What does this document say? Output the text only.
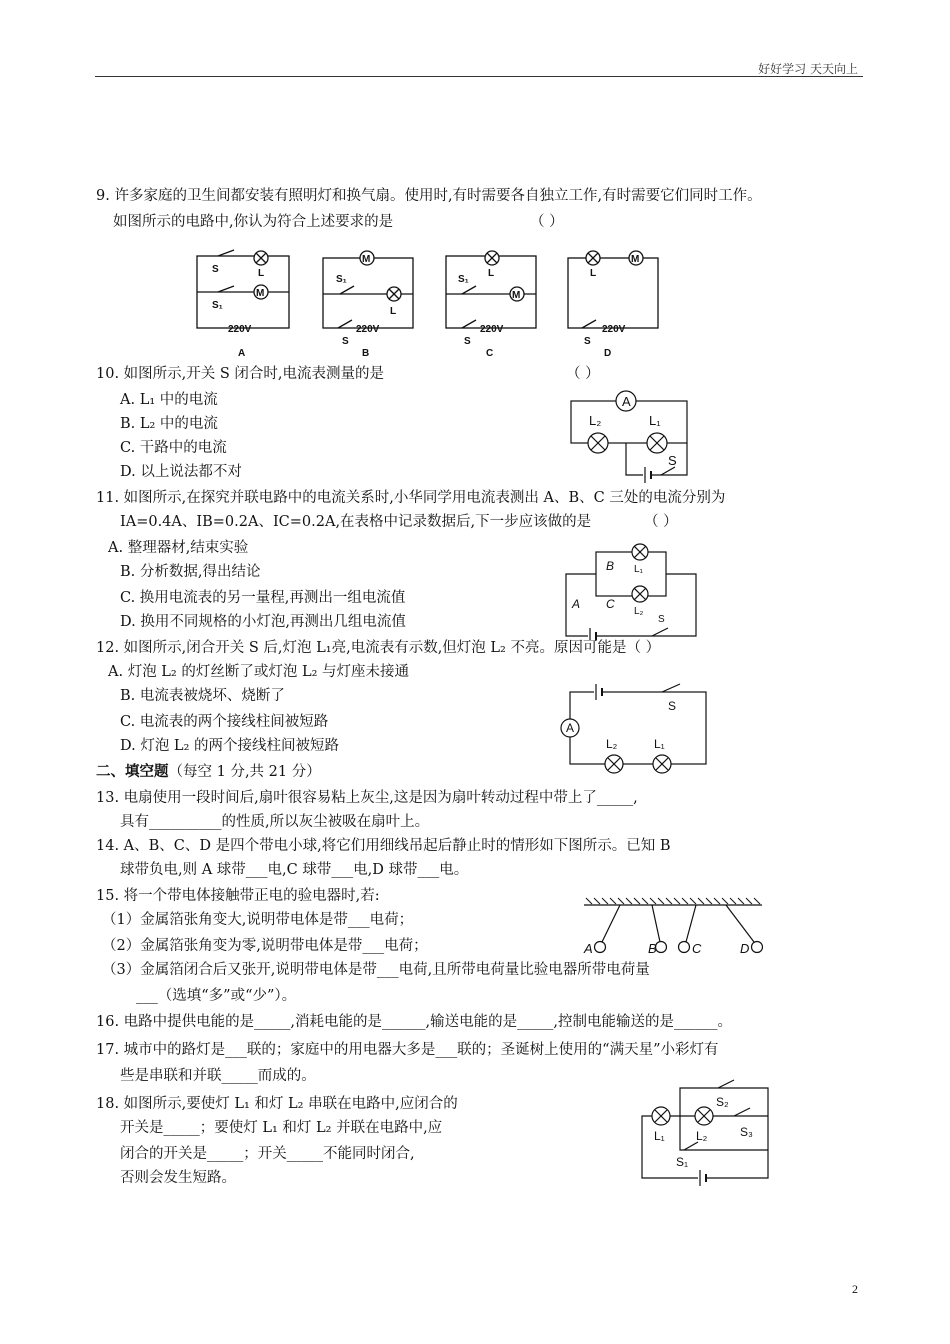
好好学习 天天向上
9. 许多家庭的卫生间都安装有照明灯和换气扇。使用时,有时需要各自独立工作,有时需要它们同时工作。
如图所示的电路中,你认为符合上述要求的是	（ ）
M
S	L
S₁
220V
A
M
S₁
L
220V
S
B
L
S₁
M
220V
S
C
L
M
220V
S
D
10. 如图所示,开关 S 闭合时,电流表测量的是	（ ）
A. L₁ 中的电流
B. L₂ 中的电流
C. 干路中的电流
D. 以上说法都不对
A
L₂	L₁
S
11. 如图所示,在探究并联电路中的电流关系时,小华同学用电流表测出 A、B、C 三处的电流分别为
IA=0.4A、IB=0.2A、IC=0.2A,在表格中记录数据后,下一步应该做的是	（ ）
A. 整理器材,结束实验
B. 分析数据,得出结论
C. 换用电流表的另一量程,再测出一组电流值
D. 换用不同规格的小灯泡,再测出几组电流值
B
C
A
L₁
L₂
S
12. 如图所示,闭合开关 S 后,灯泡 L₁亮,电流表有示数,但灯泡 L₂ 不亮。原因可能是（ ）
A. 灯泡 L₂ 的灯丝断了或灯泡 L₂ 与灯座未接通
B. 电流表被烧坏、烧断了
C. 电流表的两个接线柱间被短路
D. 灯泡 L₂ 的两个接线柱间被短路
A
S
L₂	L₁
二、填空题（每空 1 分,共 21 分）
13. 电扇使用一段时间后,扇叶很容易粘上灰尘,这是因为扇叶转动过程中带上了_____,
具有__________的性质,所以灰尘被吸在扇叶上。
14. A、B、C、D 是四个带电小球,将它们用细线吊起后静止时的情形如下图所示。已知 B
球带负电,则 A 球带___电,C 球带___电,D 球带___电。
A	B	C	D
15. 将一个带电体接触带正电的验电器时,若:
（1）金属箔张角变大,说明带电体是带___电荷；
（2）金属箔张角变为零,说明带电体是带___电荷；
（3）金属箔闭合后又张开,说明带电体是带___电荷,且所带电荷量比验电器所带电荷量
___（选填“多”或“少”）。
16. 电路中提供电能的是_____,消耗电能的是______,输送电能的是_____,控制电能输送的是______。
17. 城市中的路灯是___联的；家庭中的用电器大多是___联的；圣诞树上使用的“满天星”小彩灯有
些是串联和并联_____而成的。
18. 如图所示,要使灯 L₁ 和灯 L₂ 串联在电路中,应闭合的
开关是_____；要使灯 L₁ 和灯 L₂ 并联在电路中,应
闭合的开关是_____；开关_____不能同时闭合,
否则会发生短路。
S₂
S₃
L₁	L₂
S₁
2
